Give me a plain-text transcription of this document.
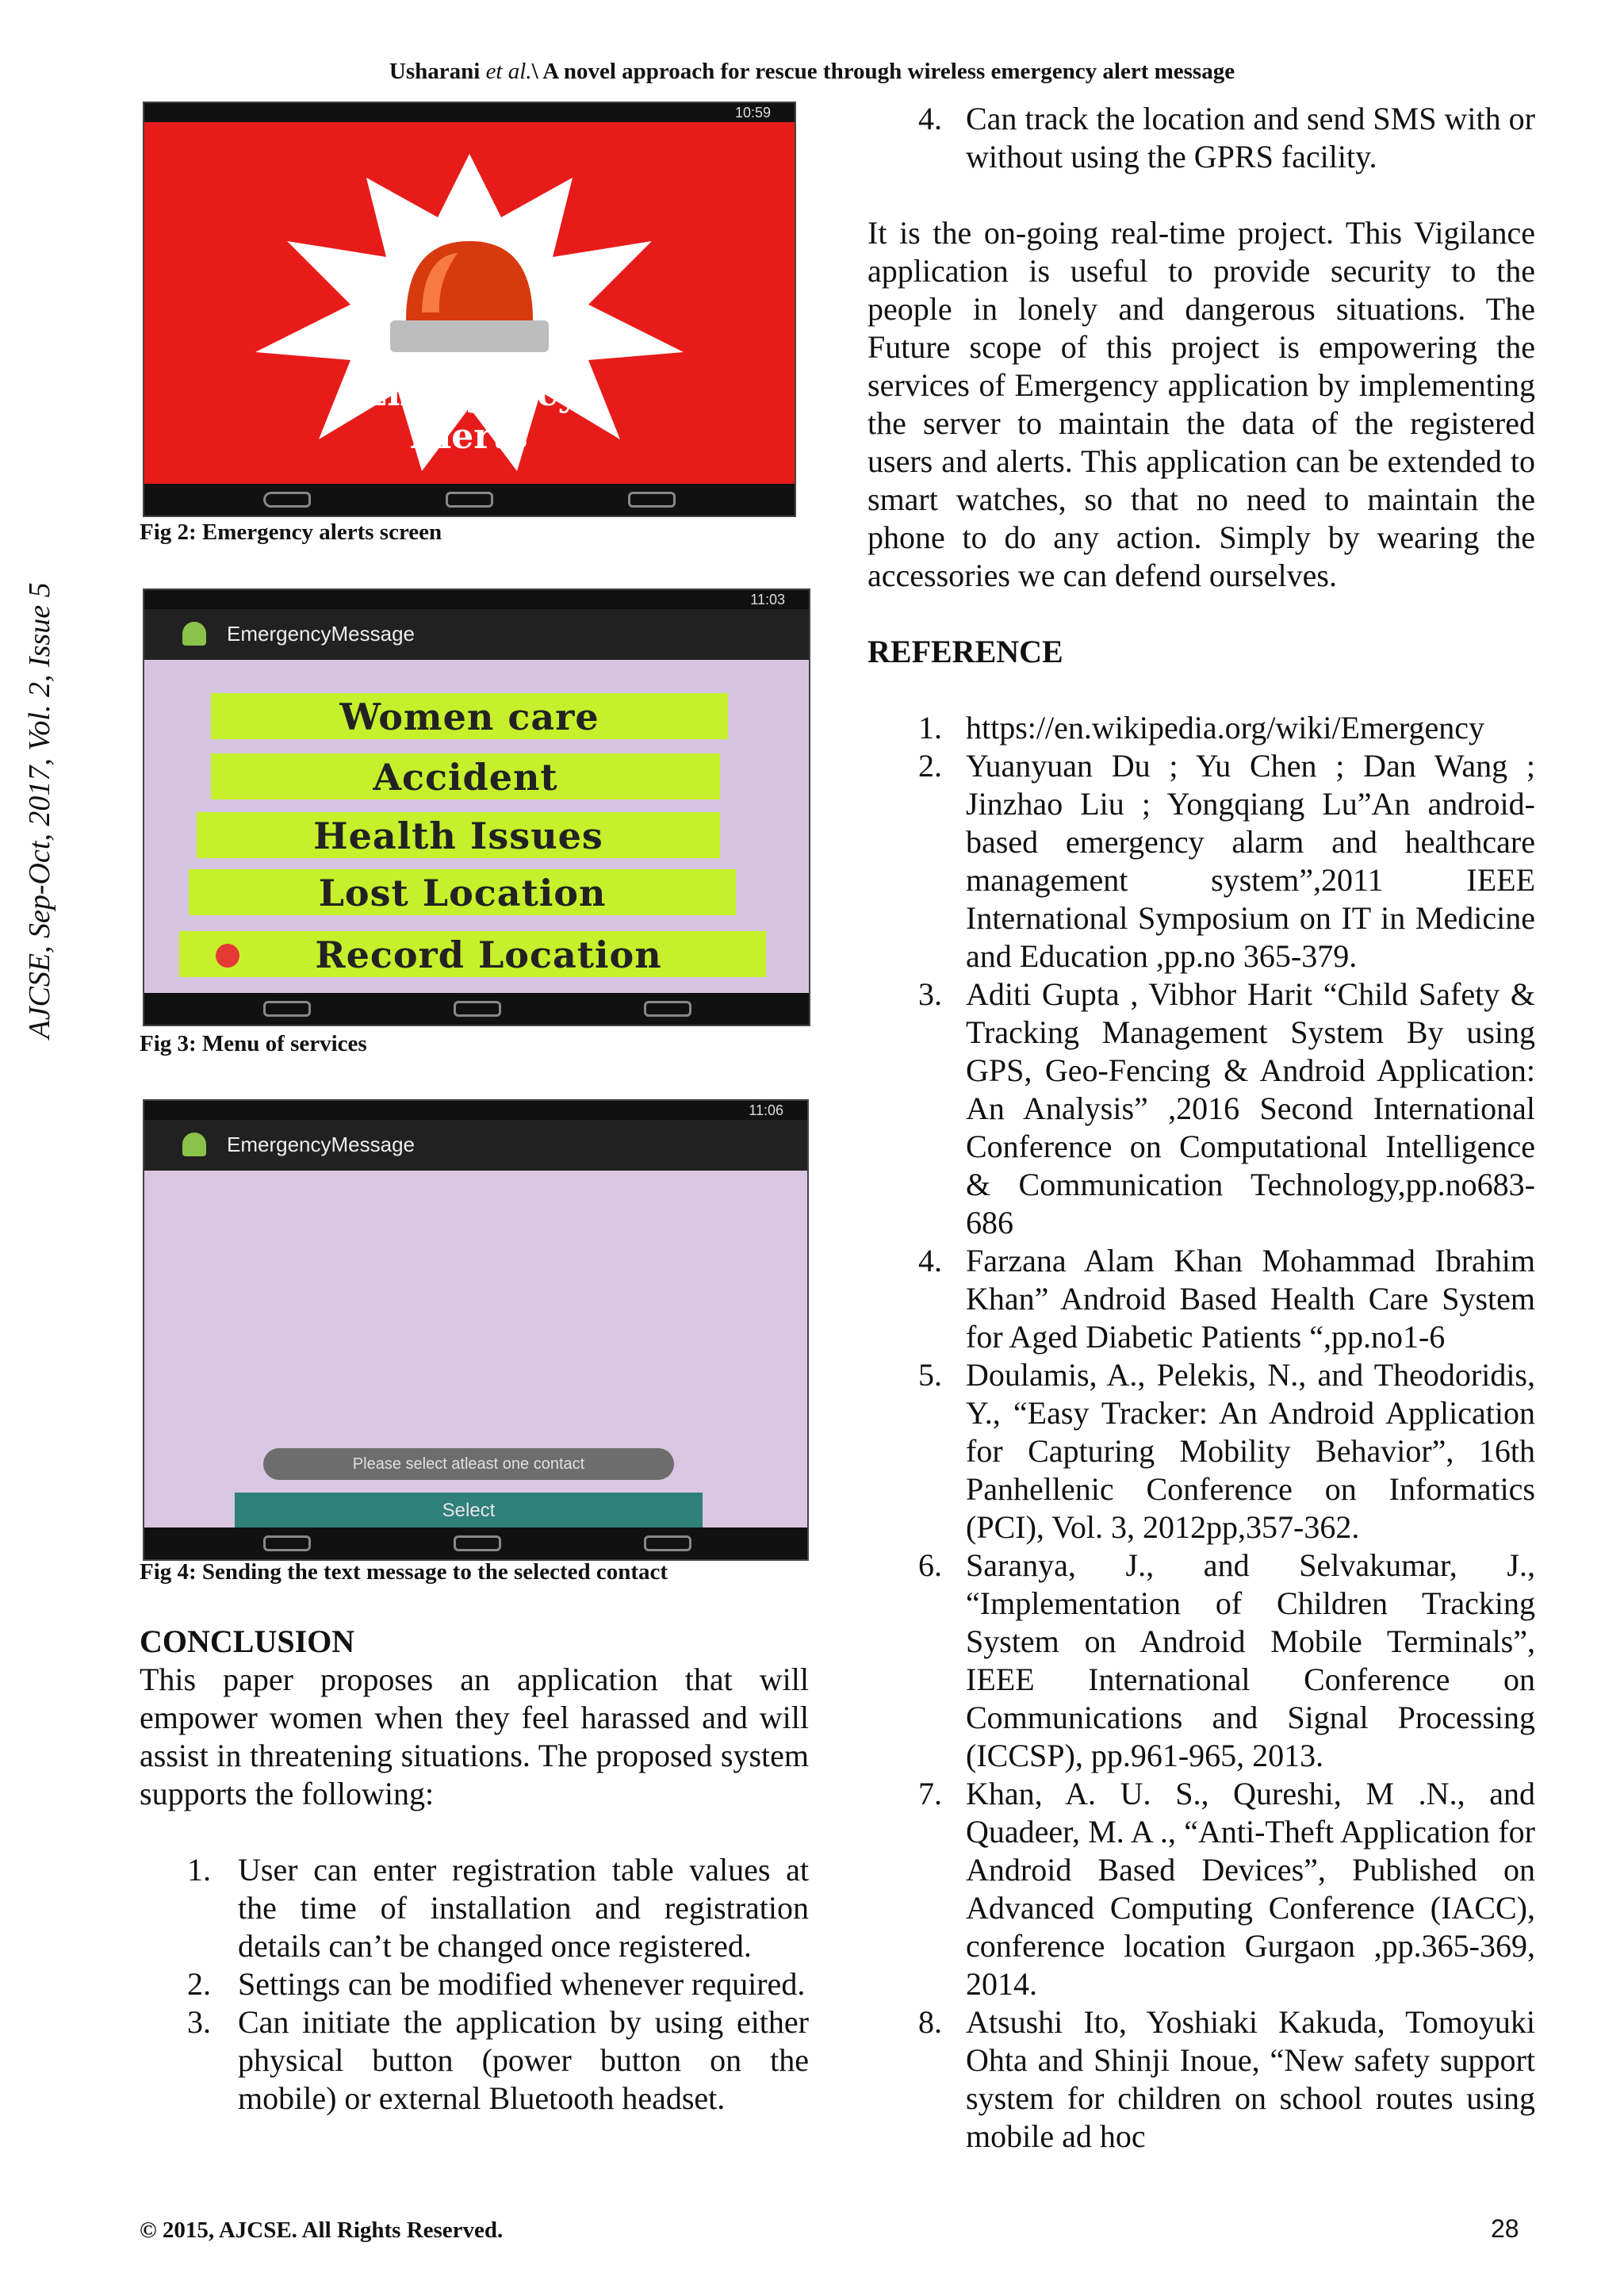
Usharani et al.\ A novel approach for rescue through wireless emergency alert message
AJCSE, Sep-Oct, 2017, Vol. 2, Issue 5
10:59
Emergency
Alerts
Fig 2: Emergency alerts screen
11:03
EmergencyMessage
Women care
Accident
Health Issues
Lost Location
Record Location
Fig 3: Menu of services
11:06
EmergencyMessage
Please select atleast one contact
Select
Fig 4: Sending the text message to the selected contact
CONCLUSION
This paper proposes an application that will empower women when they feel harassed and will assist in threatening situations. The proposed system supports the following:
1. User can enter registration table values at the time of installation and registration details can’t be changed once registered.
2. Settings can be modified whenever required.
3. Can initiate the application by using either physical button (power button on the mobile) or external Bluetooth headset.
4. Can track the location and send SMS with or without using the GPRS facility.
It is the on-going real-time project. This Vigilance application is useful to provide security to the people in lonely and dangerous situations. The Future scope of this project is empowering the services of Emergency application by implementing the server to maintain the data of the registered users and alerts. This application can be extended to smart watches, so that no need to maintain the phone to do any action. Simply by wearing the accessories we can defend ourselves.
REFERENCE
1. https://en.wikipedia.org/wiki/Emergency
2. Yuanyuan Du ; Yu Chen ; Dan Wang ; Jinzhao Liu ; Yongqiang Lu”An android-based emergency alarm and healthcare management system”,2011 IEEE International Symposium on IT in Medicine and Education ,pp.no 365-379.
3. Aditi Gupta , Vibhor Harit “Child Safety & Tracking Management System By using GPS, Geo-Fencing & Android Application: An Analysis” ,2016 Second International Conference on Computational Intelligence & Communication Technology,pp.no683-686
4. Farzana Alam Khan Mohammad Ibrahim Khan” Android Based Health Care System for Aged Diabetic Patients “,pp.no1-6
5. Doulamis, A., Pelekis, N., and Theodoridis, Y., “Easy Tracker: An Android Application for Capturing Mobility Behavior”, 16th Panhellenic Conference on Informatics (PCI), Vol. 3, 2012pp,357-362.
6. Saranya, J., and Selvakumar, J., “Implementation of Children Tracking System on Android Mobile Terminals”, IEEE International Conference on Communications and Signal Processing (ICCSP), pp.961-965, 2013.
7. Khan, A. U. S., Qureshi, M .N., and Quadeer, M. A ., “Anti-Theft Application for Android Based Devices”, Published on Advanced Computing Conference (IACC), conference location Gurgaon ,pp.365-369, 2014.
8. Atsushi Ito, Yoshiaki Kakuda, Tomoyuki Ohta and Shinji Inoue, “New safety support system for children on school routes using mobile ad hoc
© 2015, AJCSE. All Rights Reserved.	28
